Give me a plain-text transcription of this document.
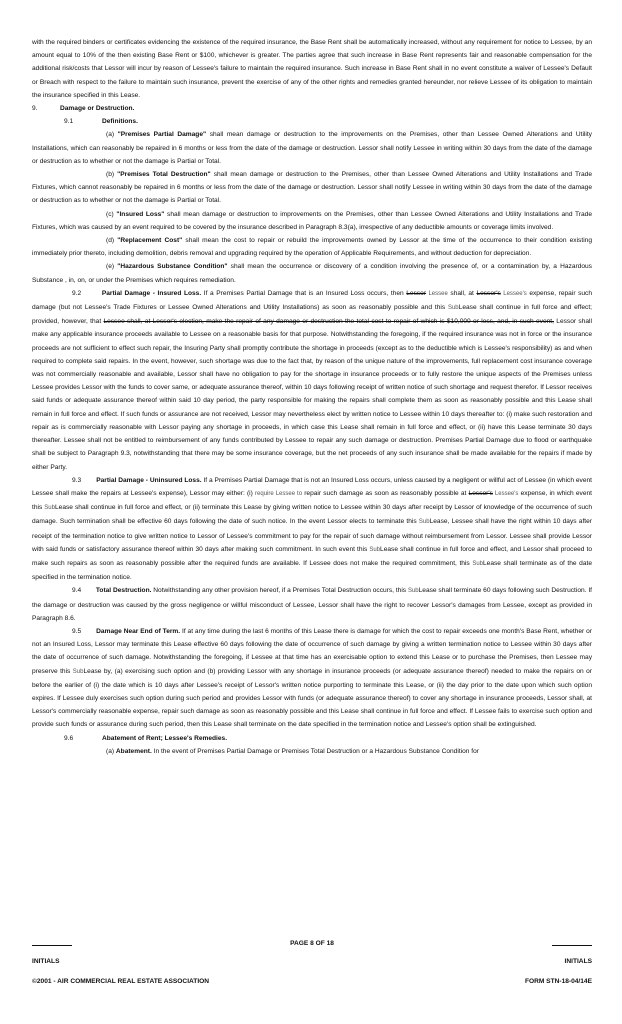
with the required binders or certificates evidencing the existence of the required insurance, the Base Rent shall be automatically increased, without any requirement for notice to Lessee, by an amount equal to 10% of the then existing Base Rent or $100, whichever is greater. The parties agree that such increase in Base Rent represents fair and reasonable compensation for the additional risk/costs that Lessor will incur by reason of Lessee's failure to maintain the required insurance. Such increase in Base Rent shall in no event constitute a waiver of Lessee's Default or Breach with respect to the failure to maintain such insurance, prevent the exercise of any of the other rights and remedies granted hereunder, nor relieve Lessee of its obligation to maintain the insurance specified in this Lease.

9.	Damage or Destruction.

9.1	Definitions.

(a) "Premises Partial Damage" shall mean damage or destruction to the improvements on the Premises, other than Lessee Owned Alterations and Utility Installations, which can reasonably be repaired in 6 months or less from the date of the damage or destruction. Lessor shall notify Lessee in writing within 30 days from the date of the damage or destruction as to whether or not the damage is Partial or Total.

(b) "Premises Total Destruction" shall mean damage or destruction to the Premises, other than Lessee Owned Alterations and Utility Installations and Trade Fixtures, which cannot reasonably be repaired in 6 months or less from the date of the damage or destruction. Lessor shall notify Lessee in writing within 30 days from the date of the damage or destruction as to whether or not the damage is Partial or Total.

(c) "Insured Loss" shall mean damage or destruction to improvements on the Premises, other than Lessee Owned Alterations and Utility Installations and Trade Fixtures, which was caused by an event required to be covered by the insurance described in Paragraph 8.3(a), irrespective of any deductible amounts or coverage limits involved.

(d) "Replacement Cost" shall mean the cost to repair or rebuild the improvements owned by Lessor at the time of the occurrence to their condition existing immediately prior thereto, including demolition, debris removal and upgrading required by the operation of Applicable Requirements, and without deduction for depreciation.

(e) "Hazardous Substance Condition" shall mean the occurrence or discovery of a condition involving the presence of, or a contamination by, a Hazardous Substance , in, on, or under the Premises which requires remediation.

9.2	Partial Damage - Insured Loss. If a Premises Partial Damage that is an Insured Loss occurs, then Lessor Lessee shall, at Lessor's Lessee's expense, repair such damage (but not Lessee's Trade Fixtures or Lessee Owned Alterations and Utility Installations) as soon as reasonably possible and this SubLease shall continue in full force and effect; provided, however, that Lessee shall, at Lessor's election, make the repair of any damage or destruction the total cost to repair of which is $10,000 or less, and, in such event, Lessor shall make any applicable insurance proceeds available to Lessee on a reasonable basis for that purpose. Notwithstanding the foregoing, if the required insurance was not in force or the insurance proceeds are not sufficient to effect such repair, the Insuring Party shall promptly contribute the shortage in proceeds (except as to the deductible which is Lessee's responsibility) as and when required to complete said repairs. In the event, however, such shortage was due to the fact that, by reason of the unique nature of the improvements, full replacement cost insurance coverage was not commercially reasonable and available, Lessor shall have no obligation to pay for the shortage in insurance proceeds or to fully restore the unique aspects of the Premises unless Lessee provides Lessor with the funds to cover same, or adequate assurance thereof, within 10 days following receipt of written notice of such shortage and request therefor. If Lessor receives said funds or adequate assurance thereof within said 10 day period, the party responsible for making the repairs shall complete them as soon as reasonably possible and this Lease shall remain in full force and effect. If such funds or assurance are not received, Lessor may nevertheless elect by written notice to Lessee within 10 days thereafter to: (i) make such restoration and repair as is commercially reasonable with Lessor paying any shortage in proceeds, in which case this Lease shall remain in full force and effect, or (ii) have this Lease terminate 30 days thereafter. Lessee shall not be entitled to reimbursement of any funds contributed by Lessee to repair any such damage or destruction. Premises Partial Damage due to flood or earthquake shall be subject to Paragraph 9.3, notwithstanding that there may be some insurance coverage, but the net proceeds of any such insurance shall be made available for the repairs if made by either Party.

9.3 Partial Damage - Uninsured Loss. If a Premises Partial Damage that is not an Insured Loss occurs, unless caused by a negligent or willful act of Lessee (in which event Lessee shall make the repairs at Lessee's expense), Lessor may either: (i) require Lessee to repair such damage as soon as reasonably possible at Lessor's Lessee's expense, in which event this SubLease shall continue in full force and effect, or (ii) terminate this Lease by giving written notice to Lessee within 30 days after receipt by Lessor of knowledge of the occurrence of such damage. Such termination shall be effective 60 days following the date of such notice. In the event Lessor elects to terminate this SubLease, Lessee shall have the right within 10 days after receipt of the termination notice to give written notice to Lessor of Lessee's commitment to pay for the repair of such damage without reimbursement from Lessor. Lessee shall provide Lessor with said funds or satisfactory assurance thereof within 30 days after making such commitment. In such event this SubLease shall continue in full force and effect, and Lessor shall proceed to make such repairs as soon as reasonably possible after the required funds are available. If Lessee does not make the required commitment, this SubLease shall terminate as of the date specified in the termination notice.

9.4 Total Destruction. Notwithstanding any other provision hereof, if a Premises Total Destruction occurs, this SubLease shall terminate 60 days following such Destruction. If the damage or destruction was caused by the gross negligence or willful misconduct of Lessee, Lessor shall have the right to recover Lessor's damages from Lessee, except as provided in Paragraph 8.6.

9.5 Damage Near End of Term. If at any time during the last 6 months of this Lease there is damage for which the cost to repair exceeds one month's Base Rent, whether or not an Insured Loss, Lessor may terminate this Lease effective 60 days following the date of occurrence of such damage by giving a written termination notice to Lessee within 30 days after the date of occurrence of such damage. Notwithstanding the foregoing, if Lessee at that time has an exercisable option to extend this Lease or to purchase the Premises, then Lessee may preserve this SubLease by, (a) exercising such option and (b) providing Lessor with any shortage in insurance proceeds (or adequate assurance thereof) needed to make the repairs on or before the earlier of (i) the date which is 10 days after Lessee's receipt of Lessor's written notice purporting to terminate this Lease, or (ii) the day prior to the date upon which such option expires. If Lessee duly exercises such option during such period and provides Lessor with funds (or adequate assurance thereof) to cover any shortage in insurance proceeds, Lessor shall, at Lessor's commercially reasonable expense, repair such damage as soon as reasonably possible and this Lease shall continue in full force and effect. If Lessee fails to exercise such option and provide such funds or assurance during such period, then this Lease shall terminate on the date specified in the termination notice and Lessee's option shall be extinguished.

9.6	Abatement of Rent; Lessee's Remedies.

(a) Abatement. In the event of Premises Partial Damage or Premises Total Destruction or a Hazardous Substance Condition for

PAGE 8 OF 18
INITIALS	INITIALS
©2001 - AIR COMMERCIAL REAL ESTATE ASSOCIATION	FORM STN-18-04/14E
